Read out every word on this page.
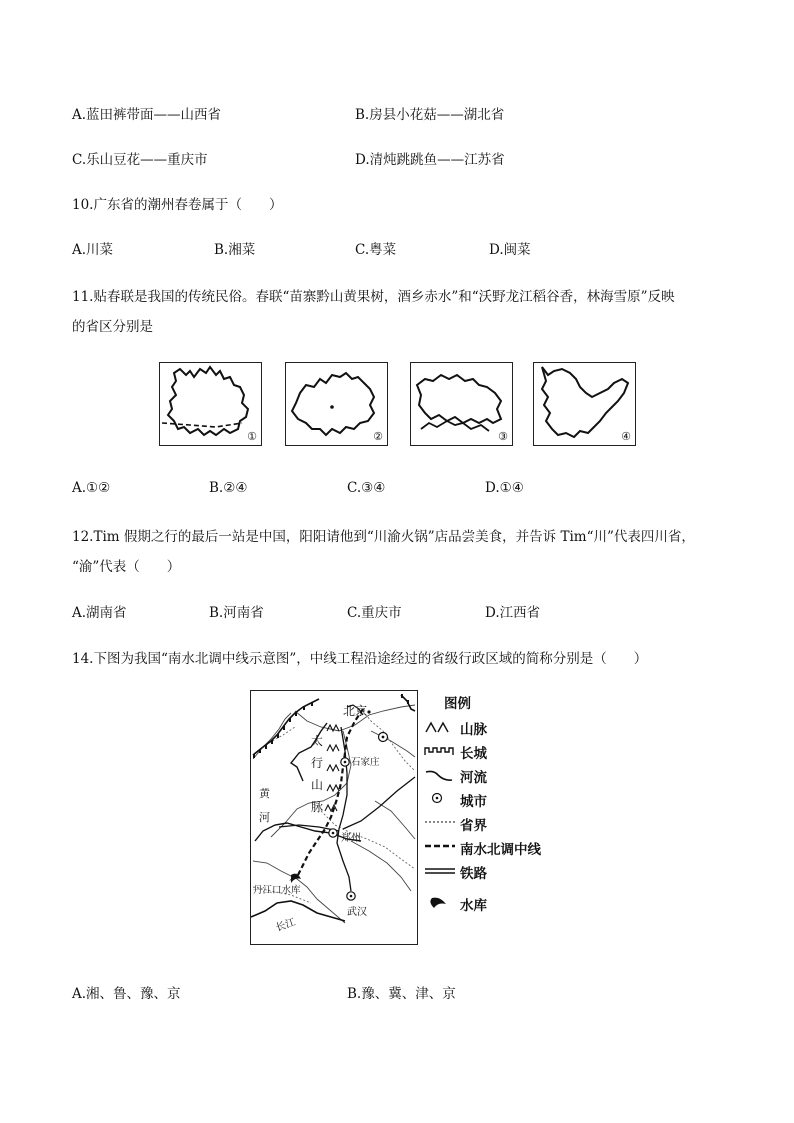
A.蓝田裤带面——山西省	B.房县小花菇——湖北省
C.乐山豆花——重庆市	D.清炖跳跳鱼——江苏省
10.广东省的潮州春卷属于（　　）
A.川菜	B.湘菜	C.粤菜	D.闽菜
11.贴春联是我国的传统民俗。春联“苗寨黔山黄果树，酒乡赤水”和“沃野龙江稻谷香，林海雪原”反映
的省区分别是
①	②	③	④
A.①②	B.②④	C.③④	D.①④
12.Tim 假期之行的最后一站是中国，阳阳请他到“川渝火锅”店品尝美食，并告诉 Tim“川”代表四川省，
“渝”代表（　　）
A.湖南省	B.河南省	C.重庆市	D.江西省
14.下图为我国“南水北调中线示意图”，中线工程沿途经过的省级行政区域的简称分别是（　　）
北京
太
行
山
脉
石家庄
黄
河
郑州
丹江口水库
武汉
长江
图例
山脉
长城
河流
城市
省界
南水北调中线
铁路
水库
A.湘、鲁、豫、京	B.豫、冀、津、京
